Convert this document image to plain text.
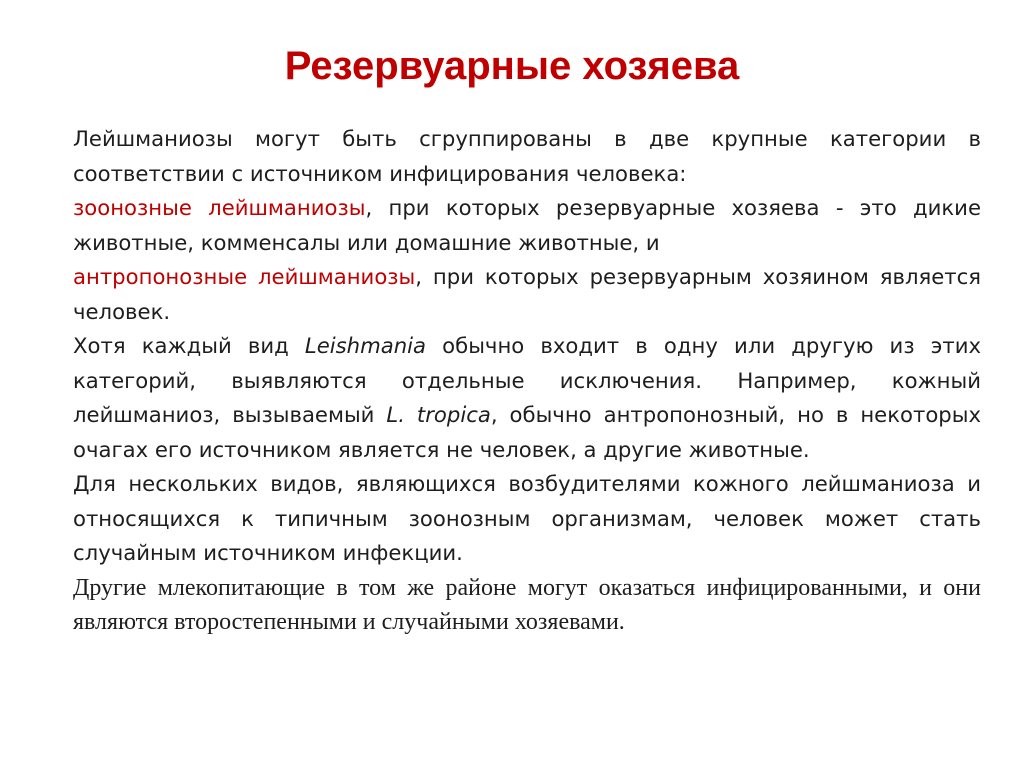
Резервуарные хозяева

Лейшманиозы могут быть сгруппированы в две крупные категории в соответствии с источником инфицирования человека:

зоонозные лейшманиозы, при которых резервуарные хозяева - это дикие животные, комменсалы или домашние животные, и

антропонозные лейшманиозы, при которых резервуарным хозяином является человек.

Хотя каждый вид Leishmania обычно входит в одну или другую из этих категорий, выявляются отдельные исключения. Например, кожный лейшманиоз, вызываемый L. tropica, обычно антропонозный, но в некоторых очагах его источником является не человек, а другие животные.

Для нескольких видов, являющихся возбудителями кожного лейшманиоза и относящихся к типичным зоонозным организмам, человек может стать случайным источником инфекции.

Другие млекопитающие в том же районе могут оказаться инфицированными, и они являются второстепенными и случайными хозяевами.
